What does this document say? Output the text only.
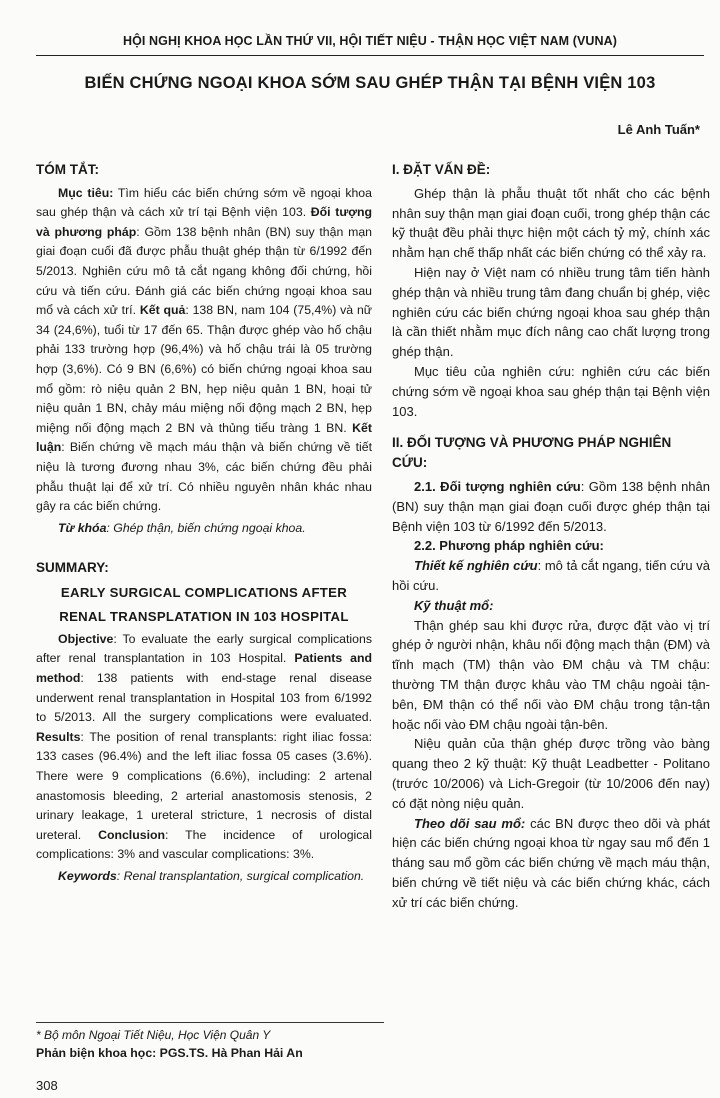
HỘI NGHỊ KHOA HỌC LẦN THỨ VII, HỘI TIẾT NIỆU - THẬN HỌC VIỆT NAM (VUNA)
BIẾN CHỨNG NGOẠI KHOA SỚM SAU GHÉP THẬN TẠI BỆNH VIỆN 103
Lê Anh Tuấn*
TÓM TẮT:

Mục tiêu: Tìm hiểu các biến chứng sớm về ngoại khoa sau ghép thận và cách xử trí tại Bệnh viện 103. Đối tượng và phương pháp: Gồm 138 bệnh nhân (BN) suy thận mạn giai đoạn cuối đã được phẫu thuật ghép thận từ 6/1992 đến 5/2013. Nghiên cứu mô tả cắt ngang không đối chứng, hồi cứu và tiến cứu. Đánh giá các biến chứng ngoại khoa sau mổ và cách xử trí. Kết quả: 138 BN, nam 104 (75,4%) và nữ 34 (24,6%), tuổi từ 17 đến 65. Thận được ghép vào hố chậu phải 133 trường hợp (96,4%) và hố chậu trái là 05 trường hợp (3,6%). Có 9 BN (6,6%) có biến chứng ngoại khoa sau mổ gồm: rò niệu quản 2 BN, hẹp niệu quản 1 BN, hoại tử niệu quản 1 BN, chảy máu miệng nối động mạch 2 BN, hẹp miệng nối động mạch 2 BN và thủng tiểu tràng 1 BN. Kết luận: Biến chứng về mạch máu thận và biến chứng về tiết niệu là tương đương nhau 3%, các biến chứng đều phải phẫu thuật lại để xử trí. Có nhiều nguyên nhân khác nhau gây ra các biến chứng.

Từ khóa: Ghép thận, biến chứng ngoại khoa.

SUMMARY:
EARLY SURGICAL COMPLICATIONS AFTER
RENAL TRANSPLATATION IN 103 HOSPITAL

Objective: To evaluate the early surgical complications after renal transplantation in 103 Hospital. Patients and method: 138 patients with end-stage renal disease underwent renal transplantation in Hospital 103 from 6/1992 to 5/2013. All the surgery complications were evaluated. Results: The position of renal transplants: right iliac fossa: 133 cases (96.4%) and the left iliac fossa 05 cases (3.6%). There were 9 complications (6.6%), including: 2 artenal anastomosis bleeding, 2 arterial anastomosis stenosis, 2 urinary leakage, 1 ureteral stricture, 1 necrosis of distal ureteral. Conclusion: The incidence of urological complications: 3% and vascular complications: 3%.

Keywords: Renal transplantation, surgical complication.

I. ĐẶT VẤN ĐỀ:

Ghép thận là phẫu thuật tốt nhất cho các bệnh nhân suy thận mạn giai đoạn cuối, trong ghép thận các kỹ thuật đều phải thực hiện một cách tỷ mỷ, chính xác nhằm hạn chế thấp nhất các biến chứng có thể xảy ra.

Hiện nay ở Việt nam có nhiều trung tâm tiến hành ghép thận và nhiều trung tâm đang chuẩn bị ghép, việc nghiên cứu các biến chứng ngoại khoa sau ghép thận là cần thiết nhằm mục đích nâng cao chất lượng trong ghép thận.

Mục tiêu của nghiên cứu: nghiên cứu các biến chứng sớm về ngoại khoa sau ghép thận tại Bệnh viện 103.

II. ĐỐI TƯỢNG VÀ PHƯƠNG PHÁP NGHIÊN CỨU:

2.1. Đối tượng nghiên cứu: Gồm 138 bệnh nhân (BN) suy thận mạn giai đoạn cuối được ghép thận tại Bệnh viện 103 từ 6/1992 đến 5/2013.

2.2. Phương pháp nghiên cứu:

Thiết kế nghiên cứu: mô tả cắt ngang, tiến cứu và hồi cứu.

Kỹ thuật mổ:

Thận ghép sau khi được rửa, được đặt vào vị trí ghép ở người nhận, khâu nối động mạch thận (ĐM) và tĩnh mạch (TM) thận vào ĐM chậu và TM chậu: thường TM thận được khâu vào TM chậu ngoài tận-bên, ĐM thận có thể nối vào ĐM chậu trong tận-tận hoặc nối vào ĐM chậu ngoài tận-bên.

Niệu quản của thận ghép được trồng vào bàng quang theo 2 kỹ thuật: Kỹ thuật Leadbetter - Politano (trước 10/2006) và Lich-Gregoir (từ 10/2006 đến nay) có đặt nòng niệu quản.

Theo dõi sau mổ: các BN được theo dõi và phát hiện các biến chứng ngoại khoa từ ngay sau mổ đến 1 tháng sau mổ gồm các biến chứng về mạch máu thận, biến chứng về tiết niệu và các biến chứng khác, cách xử trí các biến chứng.

* Bộ môn Ngoại Tiết Niệu, Học Viện Quân Y
Phản biện khoa học: PGS.TS. Hà Phan Hải An
308
